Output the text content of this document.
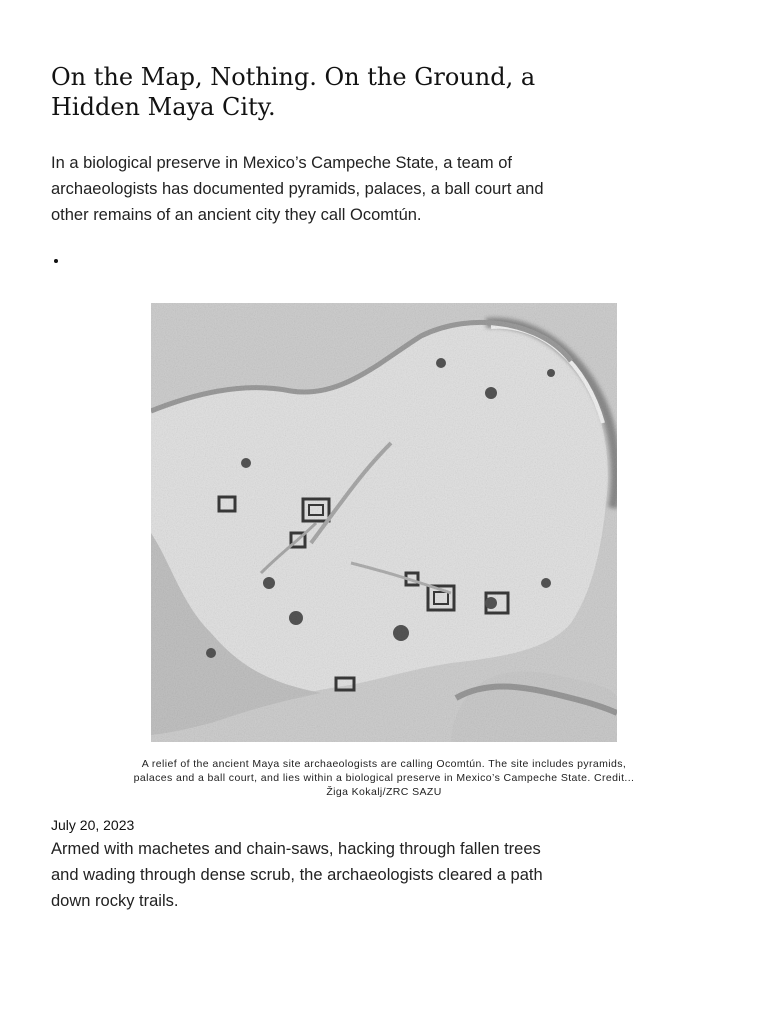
On the Map, Nothing. On the Ground, a Hidden Maya City.

In a biological preserve in Mexico’s Campeche State, a team of archaeologists has documented pyramids, palaces, a ball court and other remains of an ancient city they call Ocomtún.

A relief of the ancient Maya site archaeologists are calling Ocomtún. The site includes pyramids, palaces and a ball court, and lies within a biological preserve in Mexico’s Campeche State. Credit... Žiga Kokalj/ZRC SAZU

July 20, 2023

Armed with machetes and chain-saws, hacking through fallen trees and wading through dense scrub, the archaeologists cleared a path down rocky trails.
